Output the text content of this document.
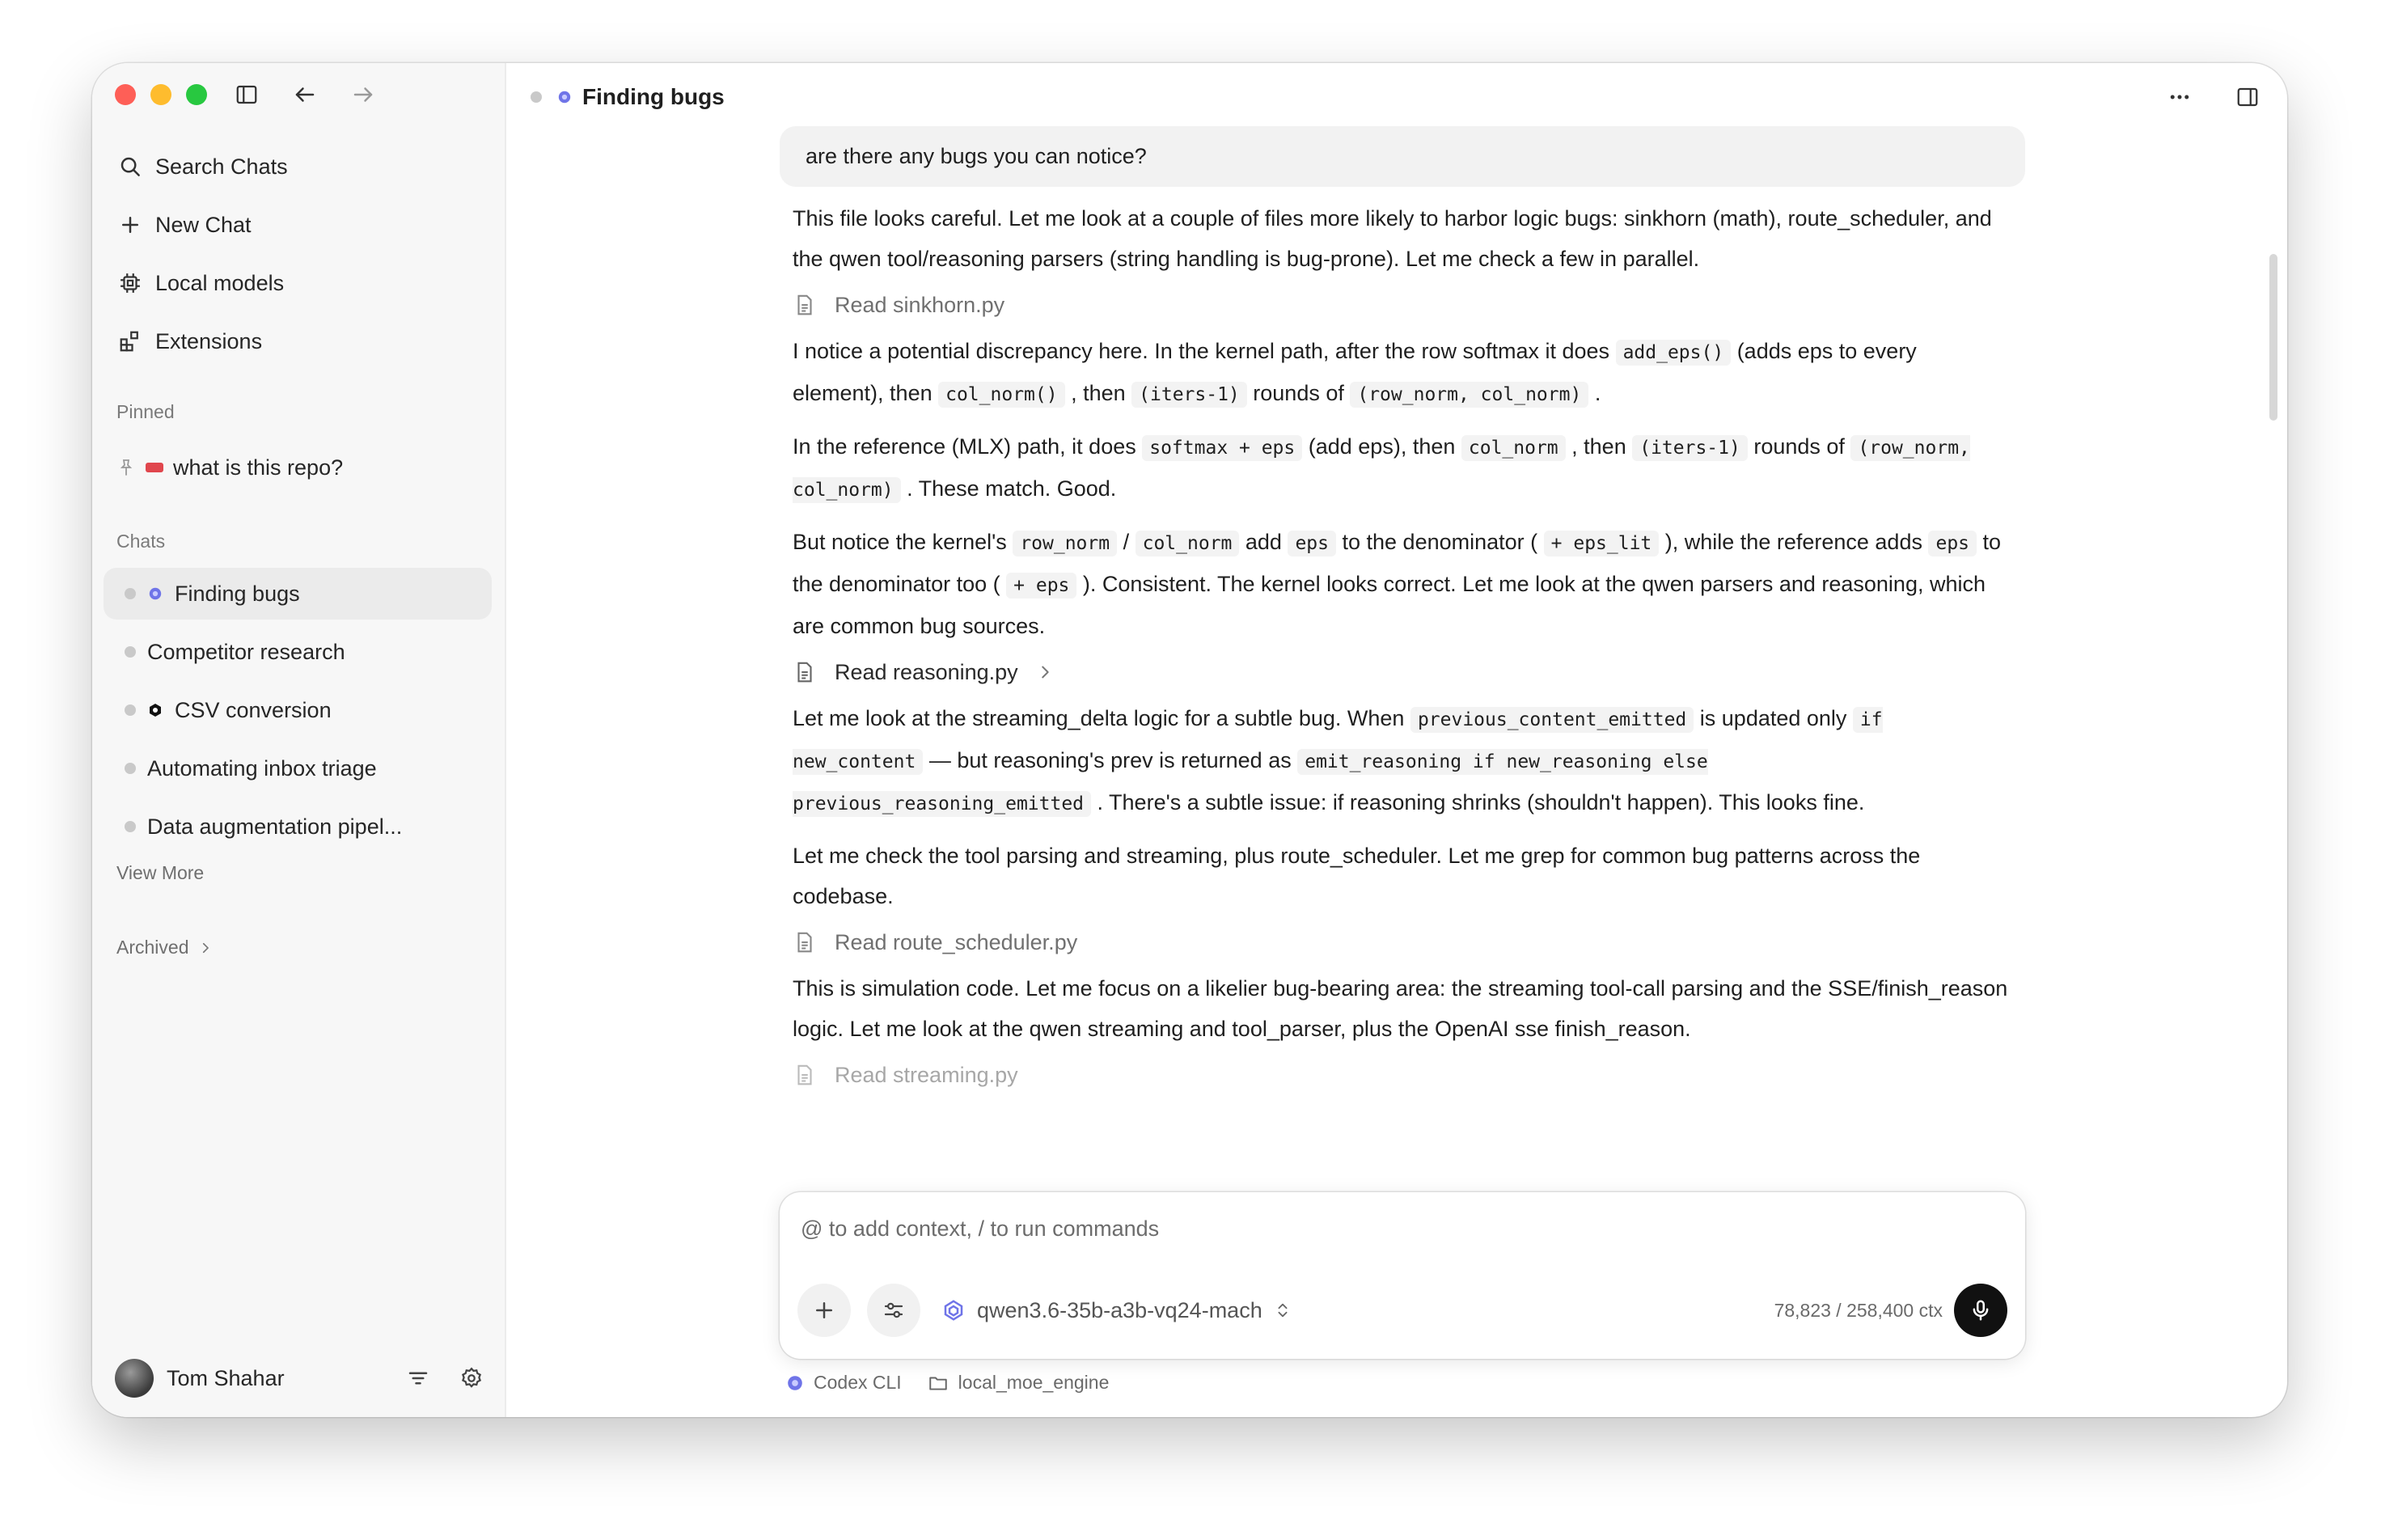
Search Chats
New Chat
Local models
Extensions
Pinned
what is this repo?
Chats
Finding bugs
Competitor research
CSV conversion
Automating inbox triage
Data augmentation pipel...
View More
Archived
Tom Shahar
Finding bugs
are there any bugs you can notice?
This file looks careful. Let me look at a couple of files more likely to harbor logic bugs: sinkhorn (math), route_scheduler, and the qwen tool/reasoning parsers (string handling is bug-prone). Let me check a few in parallel.
Read sinkhorn.py
I notice a potential discrepancy here. In the kernel path, after the row softmax it does add_eps() (adds eps to every element), then col_norm() , then (iters-1) rounds of (row_norm, col_norm) .
In the reference (MLX) path, it does softmax + eps (add eps), then col_norm , then (iters-1) rounds of (row_norm, col_norm) . These match. Good.
But notice the kernel's row_norm / col_norm add eps to the denominator ( + eps_lit ), while the reference adds eps to the denominator too ( + eps ). Consistent. The kernel looks correct. Let me look at the qwen parsers and reasoning, which are common bug sources.
Read reasoning.py
Let me look at the streaming_delta logic for a subtle bug. When previous_content_emitted is updated only if new_content — but reasoning's prev is returned as emit_reasoning if new_reasoning else previous_reasoning_emitted . There's a subtle issue: if reasoning shrinks (shouldn't happen). This looks fine.
Let me check the tool parsing and streaming, plus route_scheduler. Let me grep for common bug patterns across the codebase.
Read route_scheduler.py
This is simulation code. Let me focus on a likelier bug-bearing area: the streaming tool-call parsing and the SSE/finish_reason logic. Let me look at the qwen streaming and tool_parser, plus the OpenAI sse finish_reason.
Read streaming.py
@ to add context, / to run commands
qwen3.6-35b-a3b-vq24-mach	78,823 / 258,400 ctx
Codex CLI	local_moe_engine
